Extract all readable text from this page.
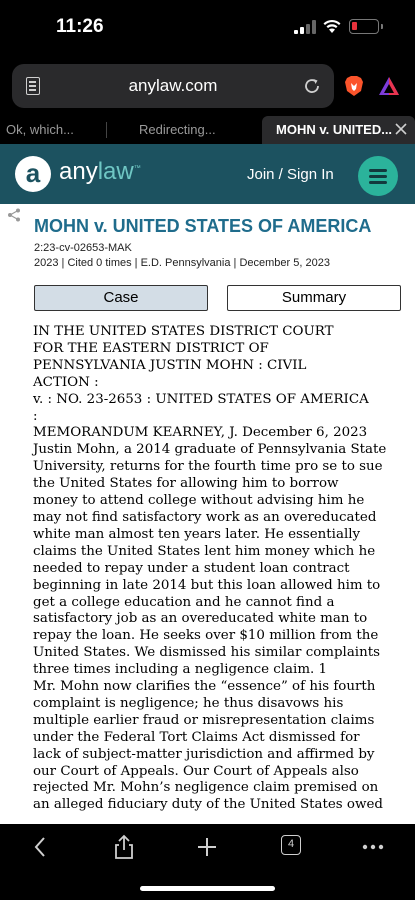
11:26
anylaw.com
Ok, which...	Redirecting...	MOHN v. UNITED...
a anylaw™	Join / Sign In
MOHN v. UNITED STATES OF AMERICA
2:23-cv-02653-MAK
2023 | Cited 0 times | E.D. Pennsylvania | December 5, 2023
Case	Summary
IN THE UNITED STATES DISTRICT COURT
FOR THE EASTERN DISTRICT OF
PENNSYLVANIA JUSTIN MOHN : CIVIL
ACTION :
v. : NO. 23-2653 : UNITED STATES OF AMERICA
:
MEMORANDUM KEARNEY, J. December 6, 2023
Justin Mohn, a 2014 graduate of Pennsylvania State
University, returns for the fourth time pro se to sue
the United States for allowing him to borrow
money to attend college without advising him he
may not find satisfactory work as an overeducated
white man almost ten years later. He essentially
claims the United States lent him money which he
needed to repay under a student loan contract
beginning in late 2014 but this loan allowed him to
get a college education and he cannot find a
satisfactory job as an overeducated white man to
repay the loan. He seeks over $10 million from the
United States. We dismissed his similar complaints
three times including a negligence claim. 1
Mr. Mohn now clarifies the “essence” of his fourth
complaint is negligence; he thus disavows his
multiple earlier fraud or misrepresentation claims
under the Federal Tort Claims Act dismissed for
lack of subject-matter jurisdiction and affirmed by
our Court of Appeals. Our Court of Appeals also
rejected Mr. Mohn’s negligence claim premised on
an alleged fiduciary duty of the United States owed
4
